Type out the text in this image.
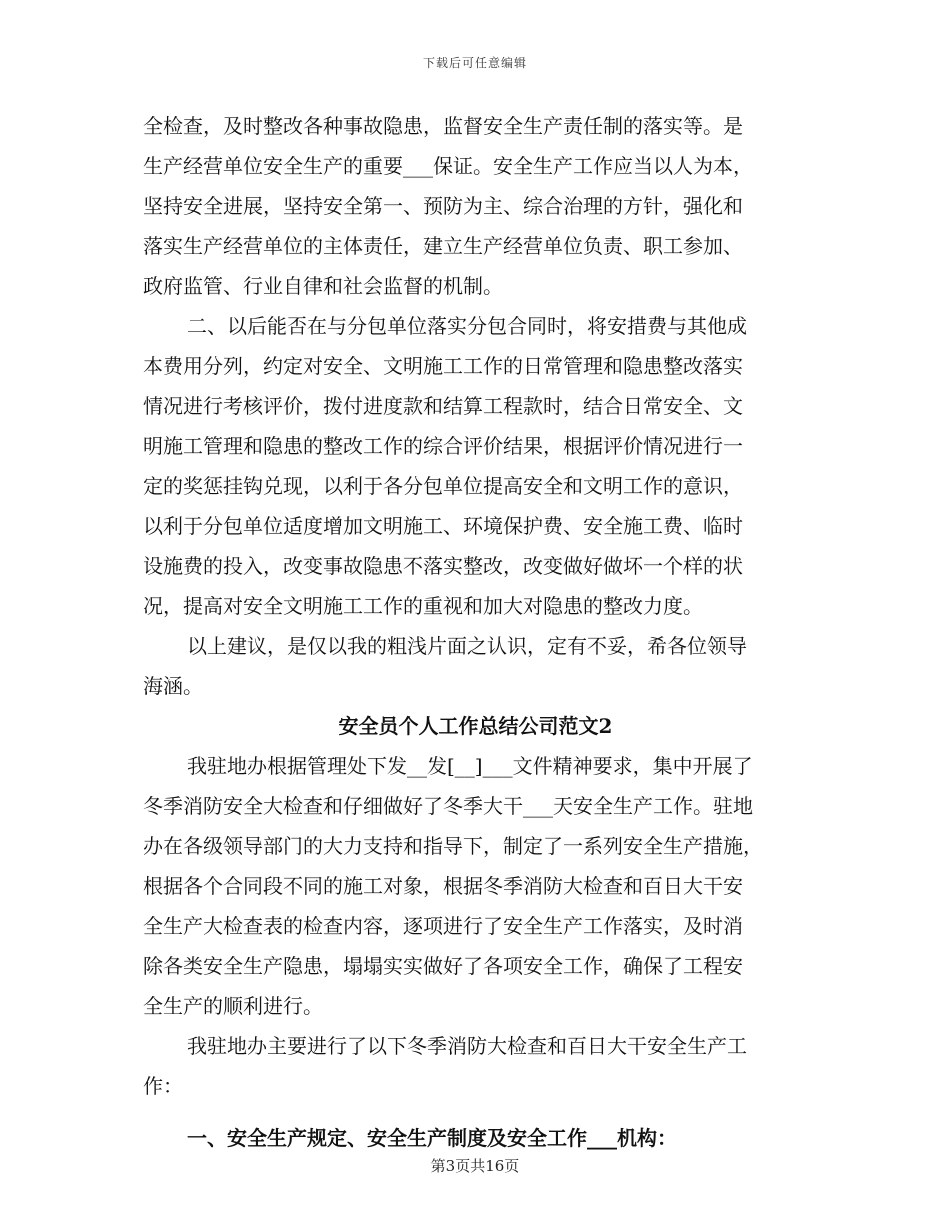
下载后可任意编辑
全检查，及时整改各种事故隐患，监督安全生产责任制的落实等。是
生产经营单位安全生产的重要___保证。安全生产工作应当以人为本，
坚持安全进展，坚持安全第一、预防为主、综合治理的方针，强化和
落实生产经营单位的主体责任，建立生产经营单位负责、职工参加、
政府监管、行业自律和社会监督的机制。
二、以后能否在与分包单位落实分包合同时，将安措费与其他成
本费用分列，约定对安全、文明施工工作的日常管理和隐患整改落实
情况进行考核评价，拨付进度款和结算工程款时，结合日常安全、文
明施工管理和隐患的整改工作的综合评价结果，根据评价情况进行一
定的奖惩挂钩兑现，以利于各分包单位提高安全和文明工作的意识，
以利于分包单位适度增加文明施工、环境保护费、安全施工费、临时
设施费的投入，改变事故隐患不落实整改，改变做好做坏一个样的状
况，提高对安全文明施工工作的重视和加大对隐患的整改力度。
以上建议，是仅以我的粗浅片面之认识，定有不妥，希各位领导
海涵。
安全员个人工作总结公司范文2
我驻地办根据管理处下发__发[__]___文件精神要求，集中开展了
冬季消防安全大检查和仔细做好了冬季大干___天安全生产工作。驻地
办在各级领导部门的大力支持和指导下，制定了一系列安全生产措施，
根据各个合同段不同的施工对象，根据冬季消防大检查和百日大干安
全生产大检查表的检查内容，逐项进行了安全生产工作落实，及时消
除各类安全生产隐患，塌塌实实做好了各项安全工作，确保了工程安
全生产的顺利进行。
我驻地办主要进行了以下冬季消防大检查和百日大干安全生产工
作：
一、安全生产规定、安全生产制度及安全工作___机构：
第3页共16页
